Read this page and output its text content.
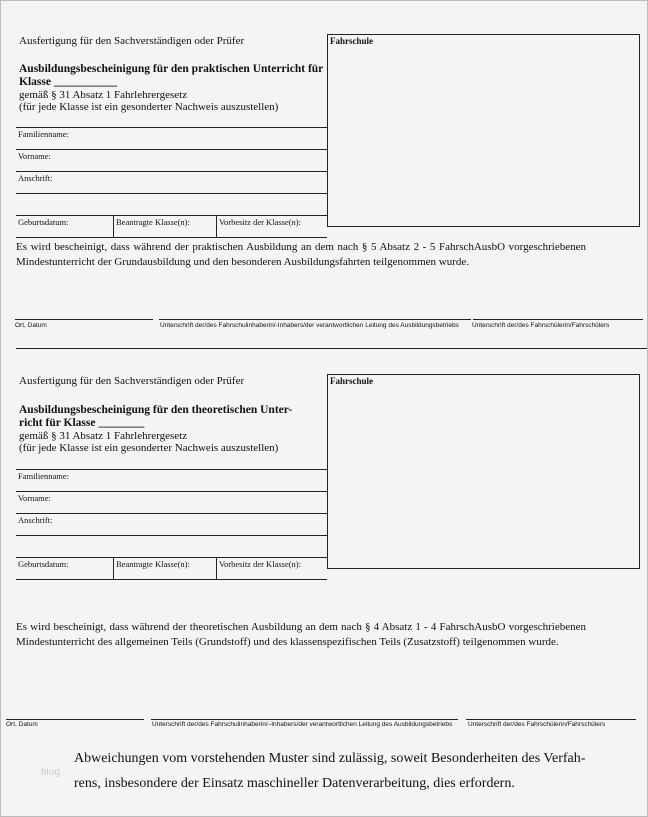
Ausfertigung für den Sachverständigen oder Prüfer
Ausbildungsbescheinigung für den praktischen Unterricht für
Klasse ___________
gemäß § 31 Absatz 1 Fahrlehrergesetz
(für jede Klasse ist ein gesonderter Nachweis auszustellen)
Fahrschule
Familienname:
Vorname:
Anschrift:

Geburtsdatum:	Beantragte Klasse(n):	Vorbesitz der Klasse(n):
Es wird bescheinigt, dass während der praktischen Ausbildung an dem nach § 5 Absatz 2 - 5 FahrschAusbO vorgeschriebenen Mindestunterricht der Grundausbildung und den besonderen Ausbildungsfahrten teilgenommen wurde.
Ort, Datum	Unterschrift der/des Fahrschulinhaberin/-Inhabers/der verantwortlichen Leitung des Ausbildungsbetriebs Unterschrift der/des Fahrschülerin/Fahrschülers
Ausfertigung für den Sachverständigen oder Prüfer
Ausbildungsbescheinigung für den theoretischen Unter-
richt für Klasse ________
gemäß § 31 Absatz 1 Fahrlehrergesetz
(für jede Klasse ist ein gesonderter Nachweis auszustellen)
Fahrschule
Familienname:
Vorname:
Anschrift:

Geburtsdatum:	Beantragte Klasse(n):	Vorbesitz der Klasse(n):
Es wird bescheinigt, dass während der theoretischen Ausbildung an dem nach § 4 Absatz 1 - 4 FahrschAusbO vorgeschriebenen Mindestunterricht des allgemeinen Teils (Grundstoff) und des klassenspezifischen Teils (Zusatzstoff) teilgenommen wurde.
Ort, Datum	Unterschrift der/des Fahrschulinhaberin/–Inhabers/der verantwortlichen Leitung des Ausbildungsbetriebs Unterschrift der/des Fahrschülerin/Fahrschülers
blog
Abweichungen vom vorstehenden Muster sind zulässig, soweit Besonderheiten des Verfah-
rens, insbesondere der Einsatz maschineller Datenverarbeitung, dies erfordern.
